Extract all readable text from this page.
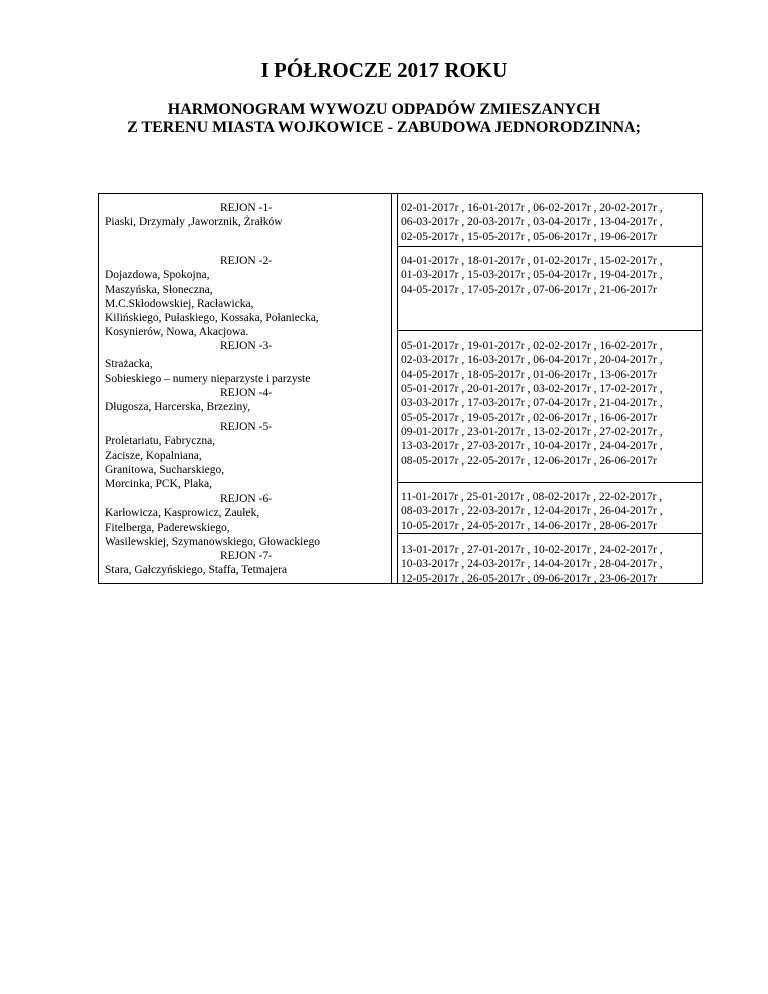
I PÓŁROCZE 2017 ROKU
HARMONOGRAM WYWOZU ODPADÓW ZMIESZANYCH
Z TERENU MIASTA WOJKOWICE - ZABUDOWA JEDNORODZINNA;
REJON -1-
Piaski, Drzymały ,Jaworznik, Żrałków
REJON -2-
Dojazdowa, Spokojna,
Maszyńska, Słoneczna,
M.C.Skłodowskiej, Racławicka,
Kilińskiego, Pułaskiego, Kossaka, Połaniecka,
Kosynierów, Nowa, Akacjowa.
REJON -3-
Strażacka,
Sobieskiego – numery nieparzyste i parzyste
REJON -4-
Długosza, Harcerska, Brzeziny,
REJON -5-
Proletariatu, Fabryczna,
Zacisze, Kopalniana,
Granitowa, Sucharskiego,
Morcinka, PCK, Plaka,
REJON -6-
Karłowicza, Kasprowicz, Zaułek,
Fitelberga, Paderewskiego,
Wasilewskiej, Szymanowskiego, Głowackiego
REJON -7-
Stara, Gałczyńskiego, Staffa, Tetmajera
02-01-2017r , 16-01-2017r , 06-02-2017r , 20-02-2017r ,
06-03-2017r , 20-03-2017r , 03-04-2017r , 13-04-2017r ,
02-05-2017r , 15-05-2017r , 05-06-2017r , 19-06-2017r
04-01-2017r , 18-01-2017r , 01-02-2017r , 15-02-2017r ,
01-03-2017r , 15-03-2017r , 05-04-2017r , 19-04-2017r ,
04-05-2017r , 17-05-2017r , 07-06-2017r , 21-06-2017r
05-01-2017r , 19-01-2017r , 02-02-2017r , 16-02-2017r ,
02-03-2017r , 16-03-2017r , 06-04-2017r , 20-04-2017r ,
04-05-2017r , 18-05-2017r , 01-06-2017r , 13-06-2017r
05-01-2017r , 20-01-2017r , 03-02-2017r , 17-02-2017r ,
03-03-2017r , 17-03-2017r , 07-04-2017r , 21-04-2017r ,
05-05-2017r , 19-05-2017r , 02-06-2017r , 16-06-2017r
09-01-2017r , 23-01-2017r , 13-02-2017r , 27-02-2017r ,
13-03-2017r , 27-03-2017r , 10-04-2017r , 24-04-2017r ,
08-05-2017r , 22-05-2017r , 12-06-2017r , 26-06-2017r
11-01-2017r , 25-01-2017r , 08-02-2017r , 22-02-2017r ,
08-03-2017r , 22-03-2017r , 12-04-2017r , 26-04-2017r ,
10-05-2017r , 24-05-2017r , 14-06-2017r , 28-06-2017r
13-01-2017r , 27-01-2017r , 10-02-2017r , 24-02-2017r ,
10-03-2017r , 24-03-2017r , 14-04-2017r , 28-04-2017r ,
12-05-2017r , 26-05-2017r , 09-06-2017r , 23-06-2017r
